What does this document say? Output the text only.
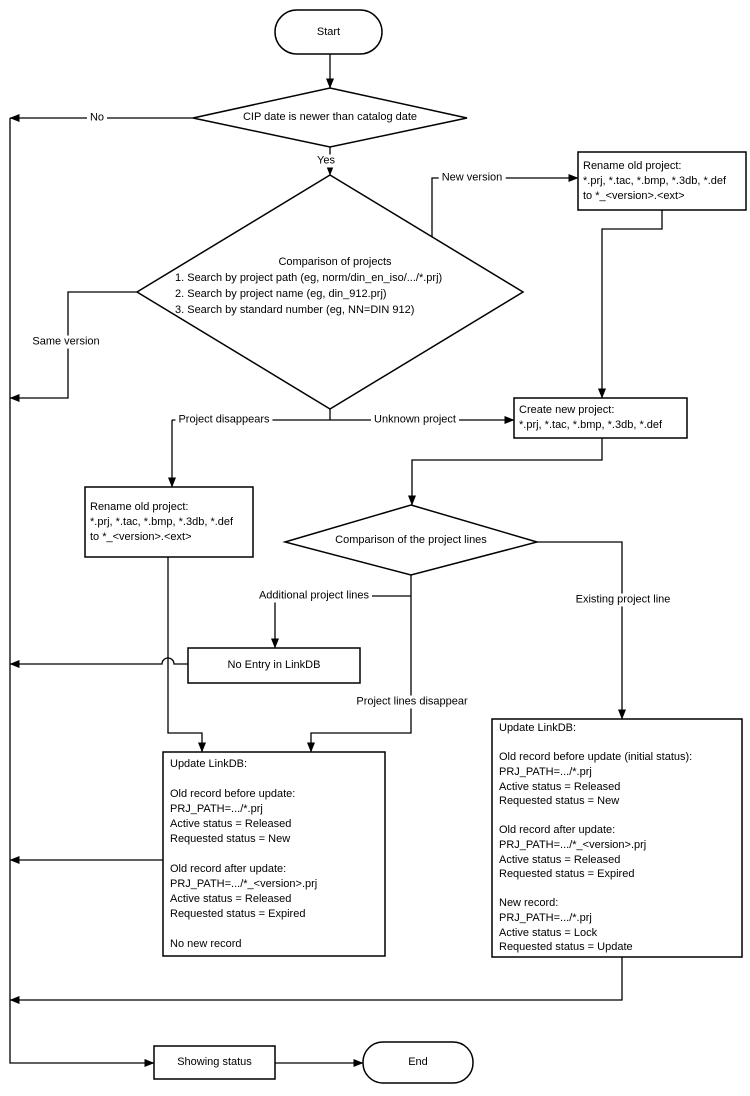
Start
CIP date is newer than catalog date
Comparison of projects
1. Search by project path (eg, norm/din_en_iso/.../*.prj)
2. Search by project name (eg, din_912.prj)
3. Search by standard number (eg, NN=DIN 912)
Rename old project:
*.prj, *.tac, *.bmp, *.3db, *.def
to *_<version>.<ext>
Create new project:
*.prj, *.tac, *.bmp, *.3db, *.def
Rename old project:
*.prj, *.tac, *.bmp, *.3db, *.def
to *_<version>.<ext>	Comparison of the project lines
No Entry in LinkDB
Update LinkDB:
Old record before update:
PRJ_PATH=.../*.prj
Active status = Released
Requested status = New
Old record after update:
PRJ_PATH=.../*_<version>.prj
Active status = Released
Requested status = Expired
No new record
Update LinkDB:
Old record before update (initial status):
PRJ_PATH=.../*.prj
Active status = Released
Requested status = New
Old record after update:
PRJ_PATH=.../*_<version>.prj
Active status = Released
Requested status = Expired
New record:
PRJ_PATH=.../*.prj
Active status = Lock
Requested status = Update
Showing status	End
No
Yes
New version
Same version
Project disappears	Unknown project
Additional project lines	Existing project line
Project lines disappear
